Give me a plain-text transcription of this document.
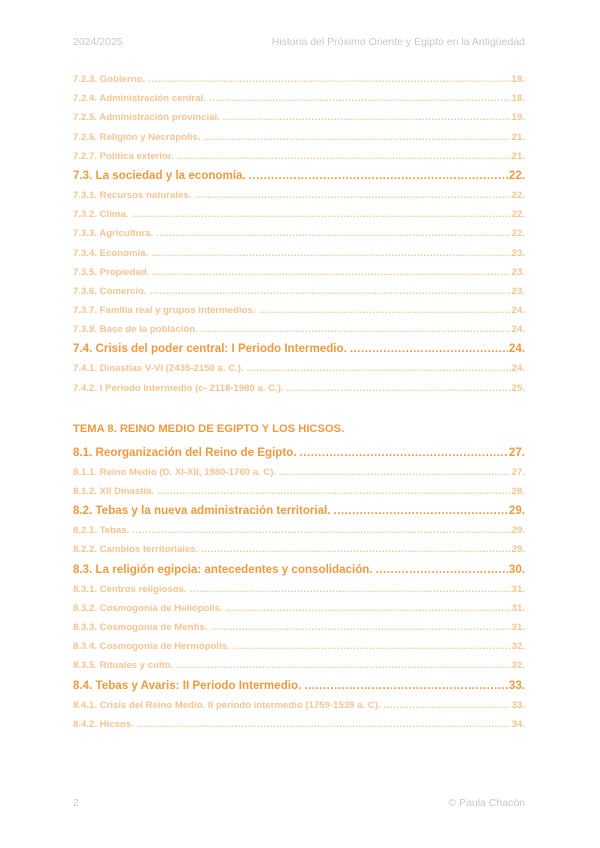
2024/2025	Historia del Próximo Oriente y Egipto en la Antigüedad
7.2.3. Gobierno. .....	18.
7.2.4. Administración central. .....	18.
7.2.5. Administración provincial. .....	19.
7.2.6. Religión y Necrópolis. .....	21.
7.2.7. Política exterior. .....	21.
7.3. La sociedad y la economía. .....	22.
7.3.1. Recursos naturales. .....	22.
7.3.2. Clima. .....	22.
7.3.3. Agricultura. .....	22.
7.3.4. Economía. .....	23.
7.3.5. Propiedad. .....	23.
7.3.6. Comercio. .....	23.
7.3.7. Familia real y grupos intermedios. .....	24.
7.3.8. Base de la población. .....	24.
7.4. Crisis del poder central: I Periodo Intermedio. .....	24.
7.4.1. Dinastías V-VI (2435-2150 a. C.). .....	24.
7.4.2. I Periodo Intermedio (c- 2118-1980 a. C.). .....	25.
TEMA 8. REINO MEDIO DE EGIPTO Y LOS HICSOS.
8.1. Reorganización del Reino de Egipto. .....	27.
8.1.1. Reino Medio (D. XI-XII, 1980-1760 a. C). .....	27.
8.1.2. XII Dinastía. .....	28.
8.2. Tebas y la nueva administración territorial. .....	29.
8.2.1. Tebas. .....	29.
8.2.2. Cambios territoriales. .....	29.
8.3. La religión egipcia: antecedentes y consolidación. .....	30.
8.3.1. Centros religiosos. .....	31.
8.3.2. Cosmogonía de Heliópolis. .....	31.
8.3.3. Cosmogonía de Menfis. .....	31.
8.3.4. Cosmogonía de Hermópolis. .....	32.
8.3.5. Rituales y culto. .....	32.
8.4. Tebas y Avaris: II Periodo Intermedio. .....	33.
8.4.1. Crisis del Reino Medio. II periodo intermedio (1759-1539 a. C). .....	33.
8.4.2. Hicsos. .....	34.
2	© Paula Chacón
